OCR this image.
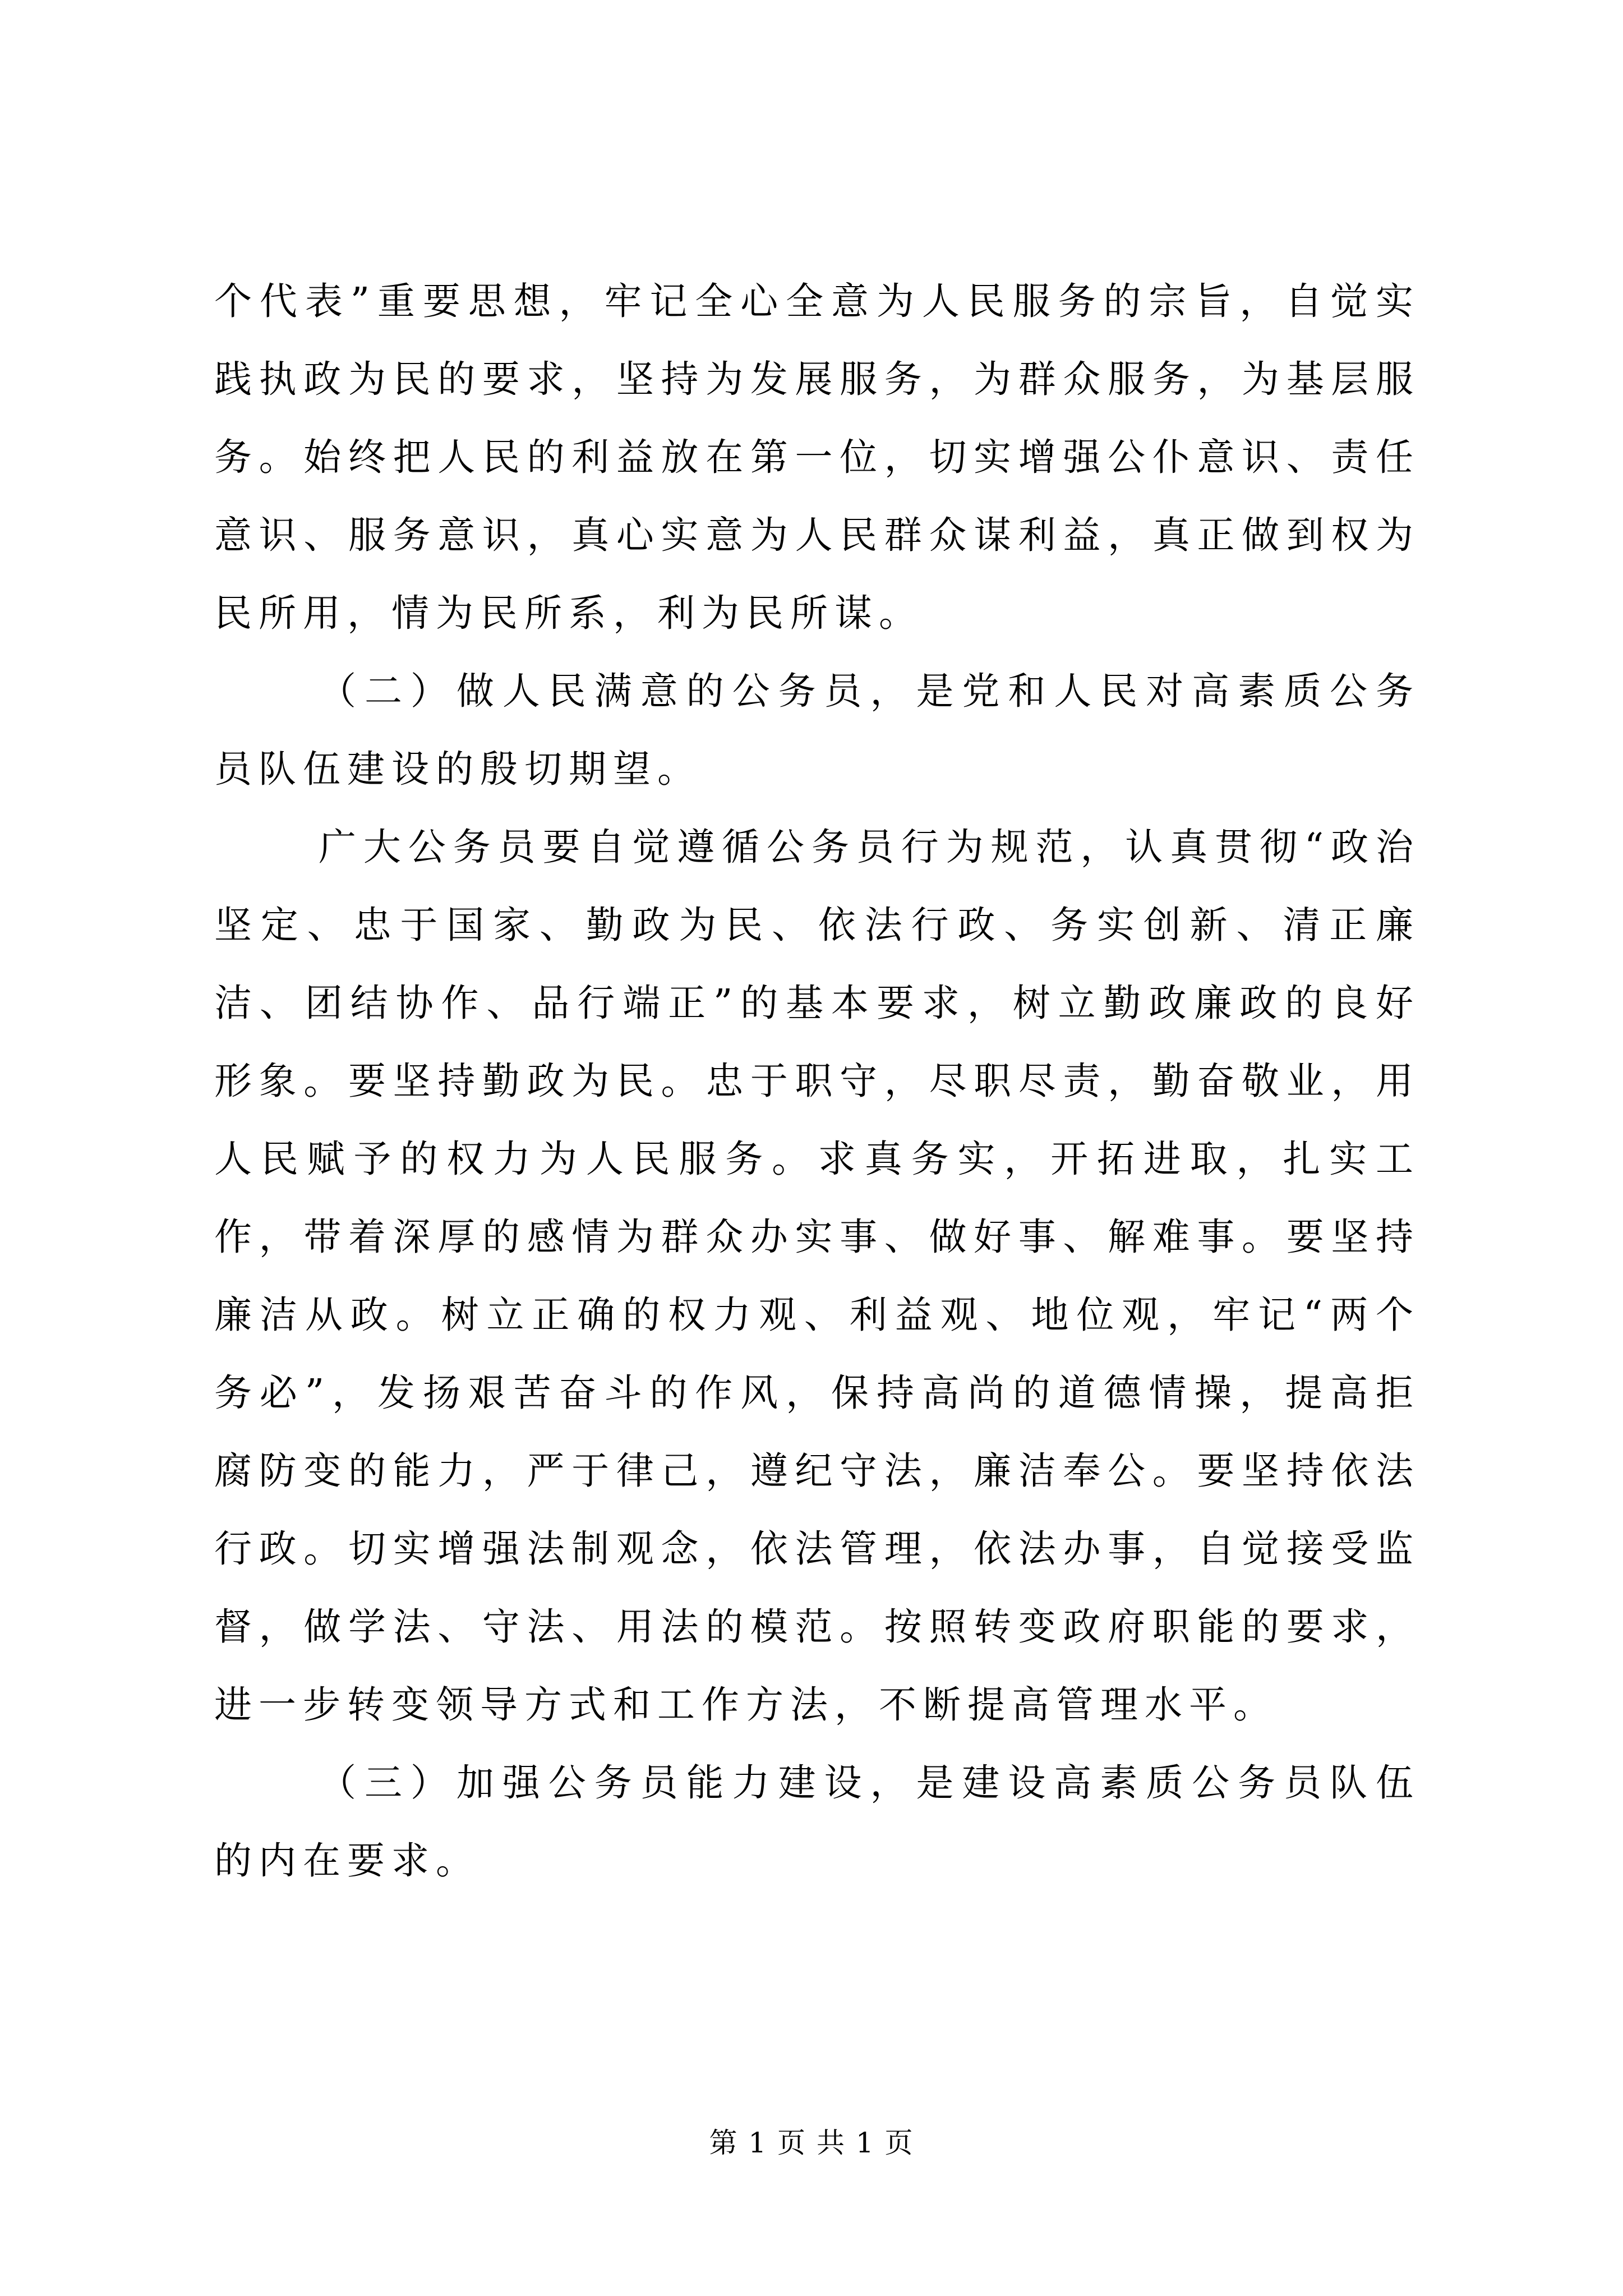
个代表”重要思想，牢记全心全意为人民服务的宗旨，自觉实践执政为民的要求，坚持为发展服务，为群众服务，为基层服务。始终把人民的利益放在第一位，切实增强公仆意识、责任意识、服务意识，真心实意为人民群众谋利益，真正做到权为民所用，情为民所系，利为民所谋。

（二）做人民满意的公务员，是党和人民对高素质公务员队伍建设的殷切期望。

广大公务员要自觉遵循公务员行为规范，认真贯彻“政治坚定、忠于国家、勤政为民、依法行政、务实创新、清正廉洁、团结协作、品行端正”的基本要求，树立勤政廉政的良好形象。要坚持勤政为民。忠于职守，尽职尽责，勤奋敬业，用人民赋予的权力为人民服务。求真务实，开拓进取，扎实工作，带着深厚的感情为群众办实事、做好事、解难事。要坚持廉洁从政。树立正确的权力观、利益观、地位观，牢记“两个务必”，发扬艰苦奋斗的作风，保持高尚的道德情操，提高拒腐防变的能力，严于律己，遵纪守法，廉洁奉公。要坚持依法行政。切实增强法制观念，依法管理，依法办事，自觉接受监督，做学法、守法、用法的模范。按照转变政府职能的要求，进一步转变领导方式和工作方法，不断提高管理水平。

（三）加强公务员能力建设，是建设高素质公务员队伍的内在要求。

第 1 页 共 1 页
